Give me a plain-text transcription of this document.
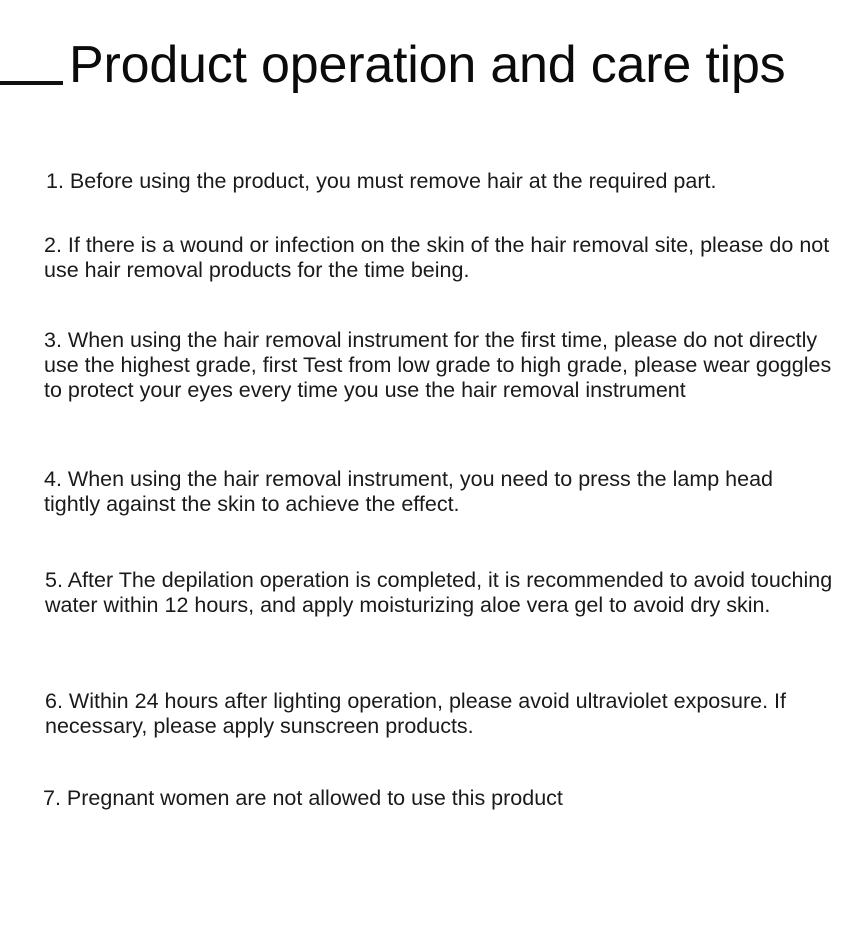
Product operation and care tips

1. Before using the product, you must remove hair at the required part.

2. If there is a wound or infection on the skin of the hair removal site, please do not use hair removal products for the time being.

3. When using the hair removal instrument for the first time, please do not directly use the highest grade, first Test from low grade to high grade, please wear goggles to protect your eyes every time you use the hair removal instrument

4. When using the hair removal instrument, you need to press the lamp head tightly against the skin to achieve the effect.

5. After The depilation operation is completed, it is recommended to avoid touching water within 12 hours, and apply moisturizing aloe vera gel to avoid dry skin.

6. Within 24 hours after lighting operation, please avoid ultraviolet exposure. If necessary, please apply sunscreen products.

7. Pregnant women are not allowed to use this product
